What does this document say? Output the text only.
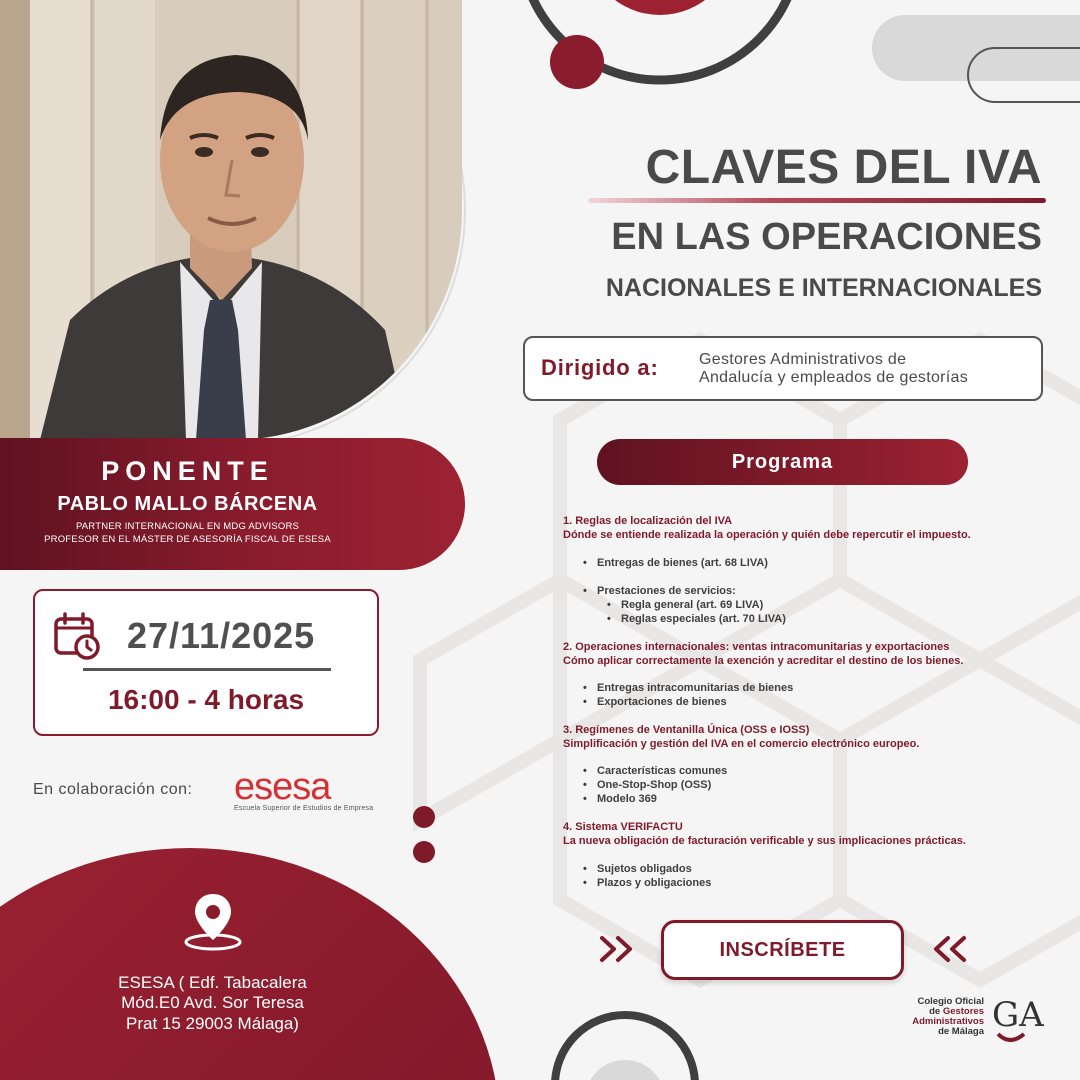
PONENTE
PABLO MALLO BÁRCENA
PARTNER INTERNACIONAL EN MDG ADVISORS
PROFESOR EN EL MÁSTER DE ASESORÍA FISCAL DE ESESA
27/11/2025
16:00 - 4 horas
En colaboración con: esesa
Escuela Superior de Estudios de Empresa
ESESA ( Edf. Tabacalera
Mód.E0 Avd. Sor Teresa
Prat 15 29003 Málaga)
CLAVES DEL IVA
EN LAS OPERACIONES
NACIONALES E INTERNACIONALES
Dirigido a:	Gestores Administrativos de
Andalucía y empleados de gestorías
Programa
1. Reglas de localización del IVA
Dónde se entiende realizada la operación y quién debe repercutir el impuesto.
• Entregas de bienes (art. 68 LIVA)
• Prestaciones de servicios:
• Regla general (art. 69 LIVA)
• Reglas especiales (art. 70 LIVA)
2. Operaciones internacionales: ventas intracomunitarias y exportaciones
Cómo aplicar correctamente la exención y acreditar el destino de los bienes.
• Entregas intracomunitarias de bienes
• Exportaciones de bienes
3. Regímenes de Ventanilla Única (OSS e IOSS)
Simplificación y gestión del IVA en el comercio electrónico europeo.
• Características comunes
• One-Stop-Shop (OSS)
• Modelo 369
4. Sistema VERIFACTU
La nueva obligación de facturación verificable y sus implicaciones prácticas.
• Sujetos obligados
• Plazos y obligaciones
INSCRÍBETE
Colegio Oficial
de Gestores
Administrativos
de Málaga GA
